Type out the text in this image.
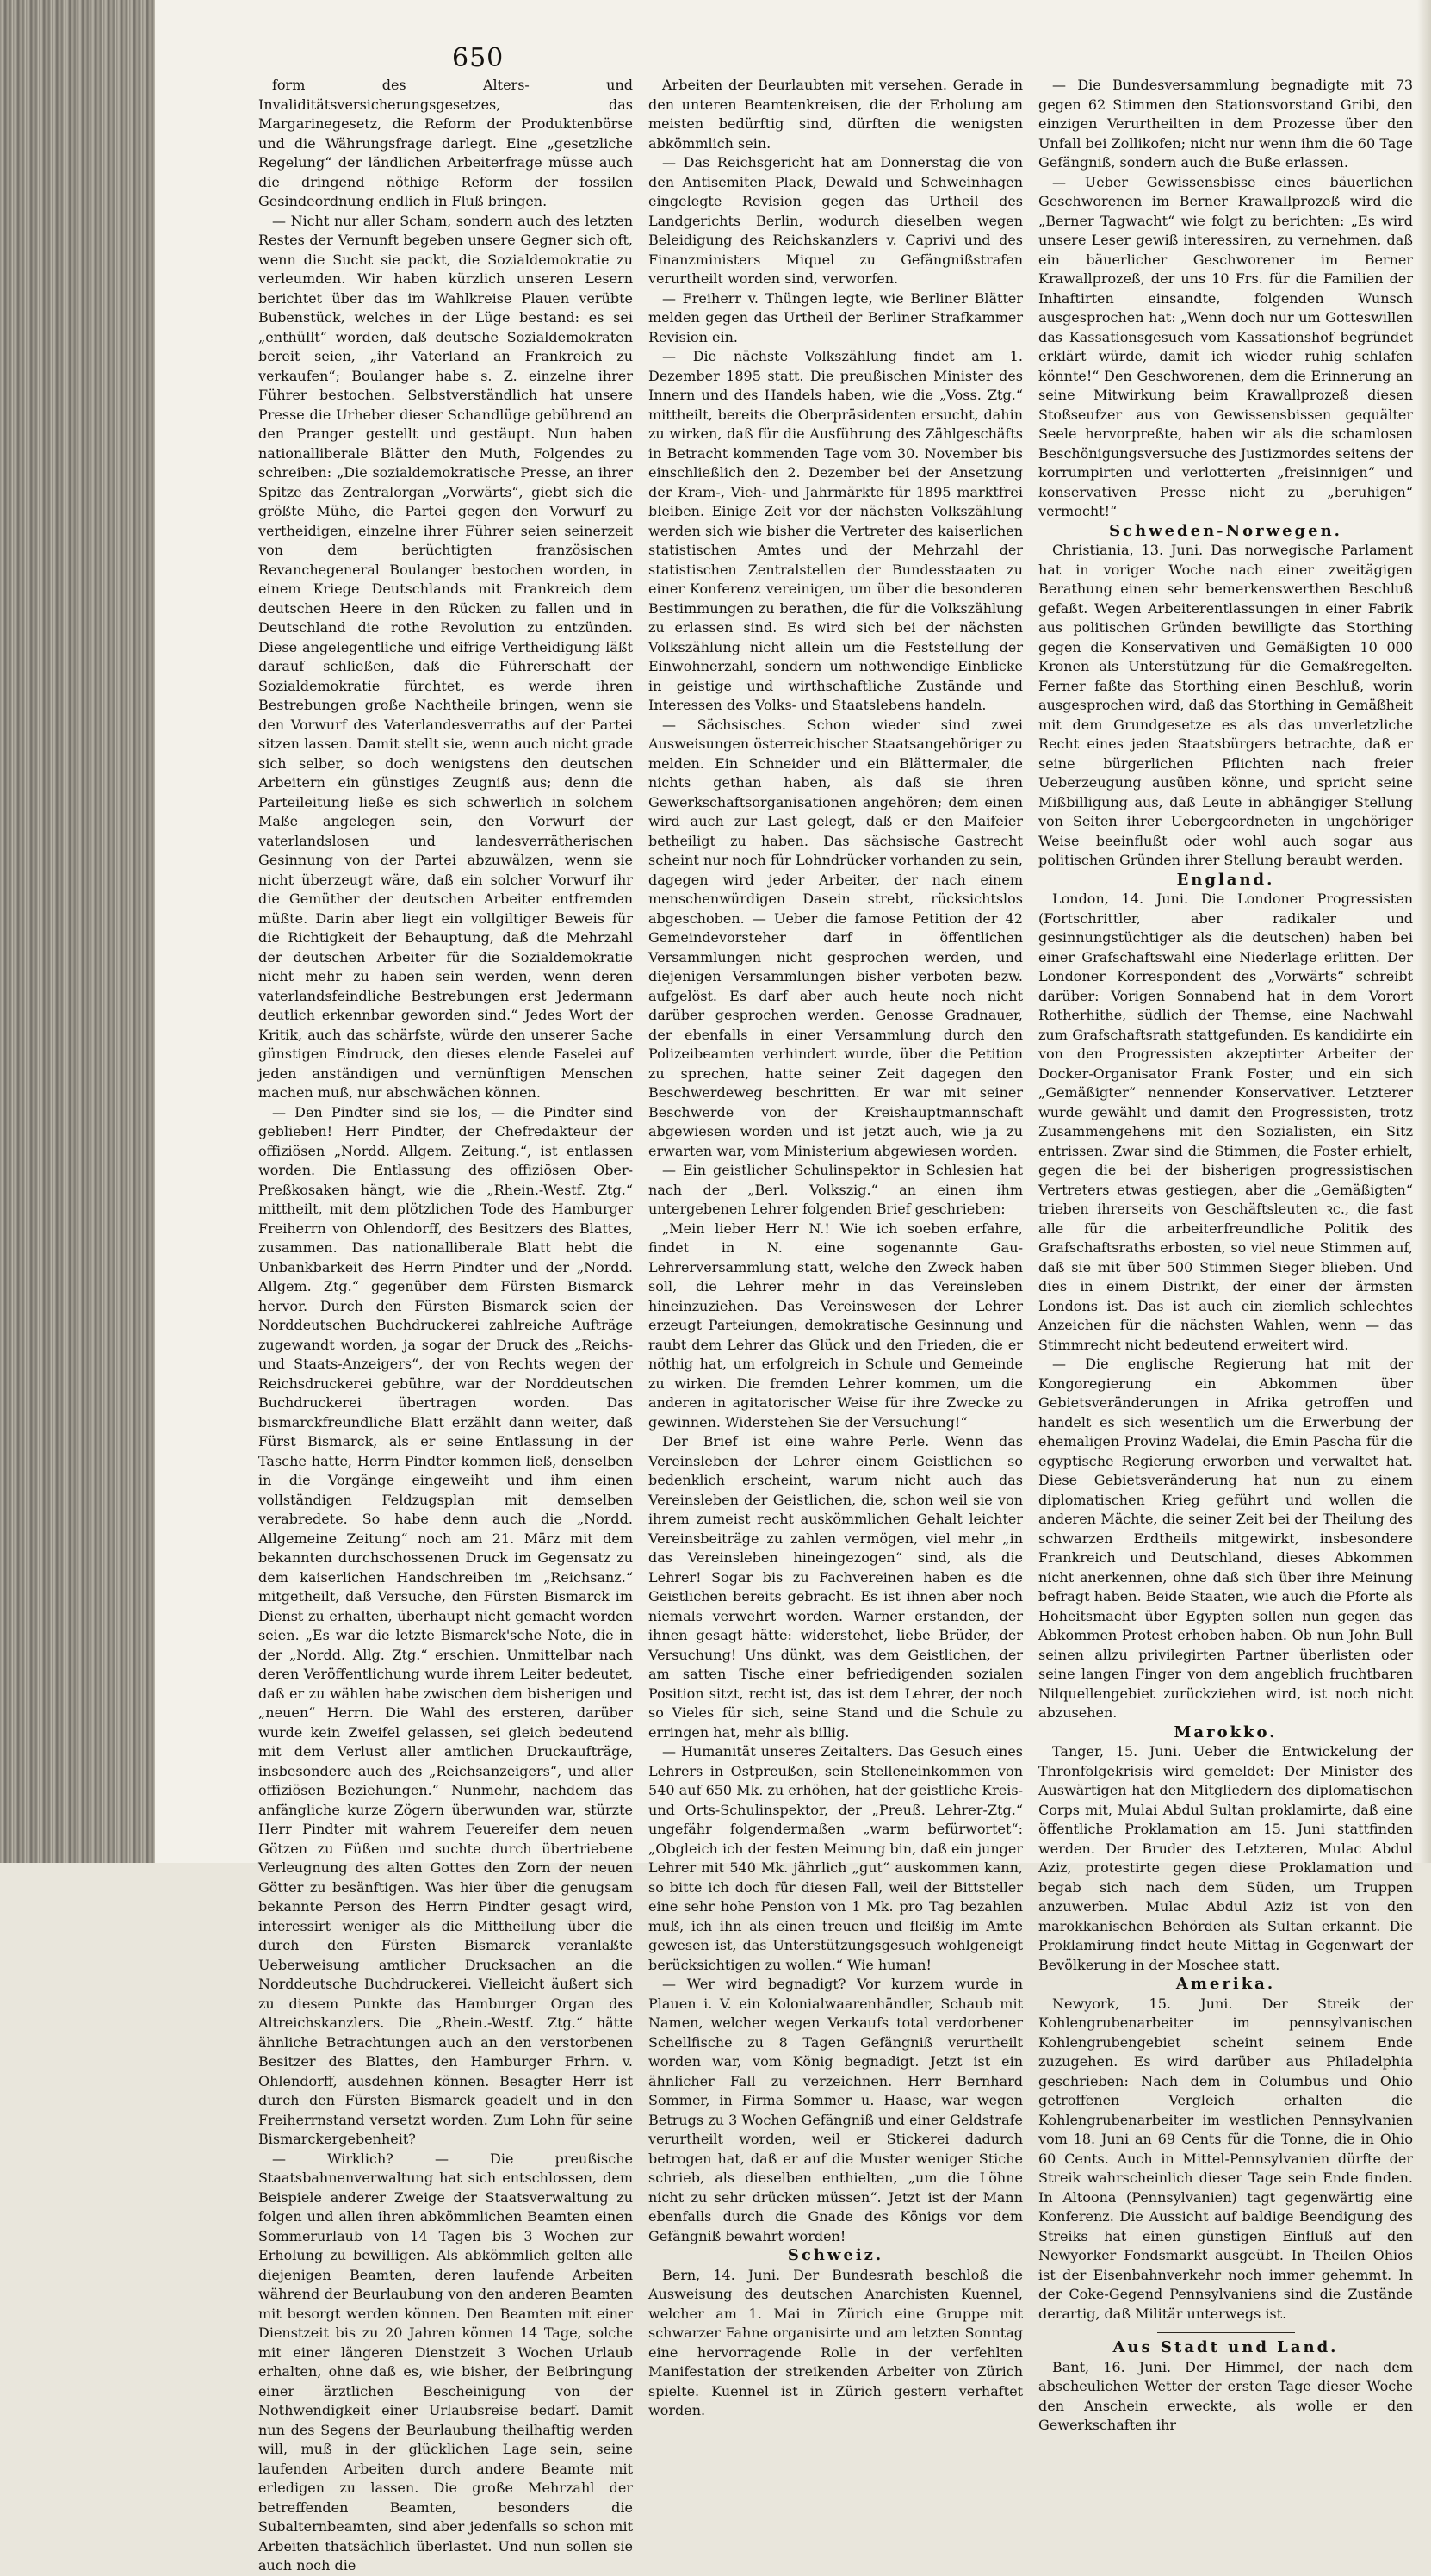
650

form des Alters- und Invaliditätsversicherungsgesetzes, das Margarinegesetz, die Reform der Produktenbörse und die Währungsfrage darlegt. Eine „gesetzliche Regelung“ der ländlichen Arbeiterfrage müsse auch die dringend nöthige Reform der fossilen Gesindeordnung endlich in Fluß bringen.

— Nicht nur aller Scham, sondern auch des letzten Restes der Vernunft begeben unsere Gegner sich oft, wenn die Sucht sie packt, die Sozialdemokratie zu verleumden. Wir haben kürzlich unseren Lesern berichtet über das im Wahlkreise Plauen verübte Bubenstück, welches in der Lüge bestand: es sei „enthüllt“ worden, daß deutsche Sozialdemokraten bereit seien, „ihr Vaterland an Frankreich zu verkaufen“; Boulanger habe s. Z. einzelne ihrer Führer bestochen. Selbstverständlich hat unsere Presse die Urheber dieser Schandlüge gebührend an den Pranger gestellt und gestäupt. Nun haben nationalliberale Blätter den Muth, Folgendes zu schreiben: „Die sozialdemokratische Presse, an ihrer Spitze das Zentralorgan „Vorwärts“, giebt sich die größte Mühe, die Partei gegen den Vorwurf zu vertheidigen, einzelne ihrer Führer seien seinerzeit von dem berüchtigten französischen Revanchegeneral Boulanger bestochen worden, in einem Kriege Deutschlands mit Frankreich dem deutschen Heere in den Rücken zu fallen und in Deutschland die rothe Revolution zu entzünden. Diese angelegentliche und eifrige Vertheidigung läßt darauf schließen, daß die Führerschaft der Sozialdemokratie fürchtet, es werde ihren Bestrebungen große Nachtheile bringen, wenn sie den Vorwurf des Vaterlandesverraths auf der Partei sitzen lassen. Damit stellt sie, wenn auch nicht grade sich selber, so doch wenigstens den deutschen Arbeitern ein günstiges Zeugniß aus; denn die Parteileitung ließe es sich schwerlich in solchem Maße angelegen sein, den Vorwurf der vaterlandslosen und landesverrätherischen Gesinnung von der Partei abzuwälzen, wenn sie nicht überzeugt wäre, daß ein solcher Vorwurf ihr die Gemüther der deutschen Arbeiter entfremden müßte. Darin aber liegt ein vollgiltiger Beweis für die Richtigkeit der Behauptung, daß die Mehrzahl der deutschen Arbeiter für die Sozialdemokratie nicht mehr zu haben sein werden, wenn deren vaterlandsfeindliche Bestrebungen erst Jedermann deutlich erkennbar geworden sind.“ Jedes Wort der Kritik, auch das schärfste, würde den unserer Sache günstigen Eindruck, den dieses elende Faselei auf jeden anständigen und vernünftigen Menschen machen muß, nur abschwächen können.

— Den Pindter sind sie los, — die Pindter sind geblieben! Herr Pindter, der Chefredakteur der offiziösen „Nordd. Allgem. Zeitung.“, ist entlassen worden. Die Entlassung des offiziösen Ober-Preßkosaken hängt, wie die „Rhein.-Westf. Ztg.“ mittheilt, mit dem plötzlichen Tode des Hamburger Freiherrn von Ohlendorff, des Besitzers des Blattes, zusammen. Das nationalliberale Blatt hebt die Unbankbarkeit des Herrn Pindter und der „Nordd. Allgem. Ztg.“ gegenüber dem Fürsten Bismarck hervor. Durch den Fürsten Bismarck seien der Norddeutschen Buchdruckerei zahlreiche Aufträge zugewandt worden, ja sogar der Druck des „Reichs- und Staats-Anzeigers“, der von Rechts wegen der Reichsdruckerei gebühre, war der Norddeutschen Buchdruckerei übertragen worden. Das bismarckfreundliche Blatt erzählt dann weiter, daß Fürst Bismarck, als er seine Entlassung in der Tasche hatte, Herrn Pindter kommen ließ, denselben in die Vorgänge eingeweiht und ihm einen vollständigen Feldzugsplan mit demselben verabredete. So habe denn auch die „Nordd. Allgemeine Zeitung“ noch am 21. März mit dem bekannten durchschossenen Druck im Gegensatz zu dem kaiserlichen Handschreiben im „Reichsanz.“ mitgetheilt, daß Versuche, den Fürsten Bismarck im Dienst zu erhalten, überhaupt nicht gemacht worden seien. „Es war die letzte Bismarck'sche Note, die in der „Nordd. Allg. Ztg.“ erschien. Unmittelbar nach deren Veröffentlichung wurde ihrem Leiter bedeutet, daß er zu wählen habe zwischen dem bisherigen und „neuen“ Herrn. Die Wahl des ersteren, darüber wurde kein Zweifel gelassen, sei gleich bedeutend mit dem Verlust aller amtlichen Druckaufträge, insbesondere auch des „Reichsanzeigers“, und aller offiziösen Beziehungen.“ Nunmehr, nachdem das anfängliche kurze Zögern überwunden war, stürzte Herr Pindter mit wahrem Feuereifer dem neuen Götzen zu Füßen und suchte durch übertriebene Verleugnung des alten Gottes den Zorn der neuen Götter zu besänftigen. Was hier über die genugsam bekannte Person des Herrn Pindter gesagt wird, interessirt weniger als die Mittheilung über die durch den Fürsten Bismarck veranlaßte Ueberweisung amtlicher Drucksachen an die Norddeutsche Buchdruckerei. Vielleicht äußert sich zu diesem Punkte das Hamburger Organ des Altreichskanzlers. Die „Rhein.-Westf. Ztg.“ hätte ähnliche Betrachtungen auch an den verstorbenen Besitzer des Blattes, den Hamburger Frhrn. v. Ohlendorff, ausdehnen können. Besagter Herr ist durch den Fürsten Bismarck geadelt und in den Freiherrnstand versetzt worden. Zum Lohn für seine Bismarckergebenheit?

— Wirklich? — Die preußische Staatsbahnenverwaltung hat sich entschlossen, dem Beispiele anderer Zweige der Staatsverwaltung zu folgen und allen ihren abkömmlichen Beamten einen Sommerurlaub von 14 Tagen bis 3 Wochen zur Erholung zu bewilligen. Als abkömmlich gelten alle diejenigen Beamten, deren laufende Arbeiten während der Beurlaubung von den anderen Beamten mit besorgt werden können. Den Beamten mit einer Dienstzeit bis zu 20 Jahren können 14 Tage, solche mit einer längeren Dienstzeit 3 Wochen Urlaub erhalten, ohne daß es, wie bisher, der Beibringung einer ärztlichen Bescheinigung von der Nothwendigkeit einer Urlaubsreise bedarf. Damit nun des Segens der Beurlaubung theilhaftig werden will, muß in der glücklichen Lage sein, seine laufenden Arbeiten durch andere Beamte mit erledigen zu lassen. Die große Mehrzahl der betreffenden Beamten, besonders die Subalternbeamten, sind aber jedenfalls so schon mit Arbeiten thatsächlich überlastet. Und nun sollen sie auch noch die

Arbeiten der Beurlaubten mit versehen. Gerade in den unteren Beamtenkreisen, die der Erholung am meisten bedürftig sind, dürften die wenigsten abkömmlich sein.

— Das Reichsgericht hat am Donnerstag die von den Antisemiten Plack, Dewald und Schweinhagen eingelegte Revision gegen das Urtheil des Landgerichts Berlin, wodurch dieselben wegen Beleidigung des Reichskanzlers v. Caprivi und des Finanzministers Miquel zu Gefängnißstrafen verurtheilt worden sind, verworfen.

— Freiherr v. Thüngen legte, wie Berliner Blätter melden gegen das Urtheil der Berliner Strafkammer Revision ein.

— Die nächste Volkszählung findet am 1. Dezember 1895 statt. Die preußischen Minister des Innern und des Handels haben, wie die „Voss. Ztg.“ mittheilt, bereits die Oberpräsidenten ersucht, dahin zu wirken, daß für die Ausführung des Zählgeschäfts in Betracht kommenden Tage vom 30. November bis einschließlich den 2. Dezember bei der Ansetzung der Kram-, Vieh- und Jahrmärkte für 1895 marktfrei bleiben. Einige Zeit vor der nächsten Volkszählung werden sich wie bisher die Vertreter des kaiserlichen statistischen Amtes und der Mehrzahl der statistischen Zentralstellen der Bundesstaaten zu einer Konferenz vereinigen, um über die besonderen Bestimmungen zu berathen, die für die Volkszählung zu erlassen sind. Es wird sich bei der nächsten Volkszählung nicht allein um die Feststellung der Einwohnerzahl, sondern um nothwendige Einblicke in geistige und wirthschaftliche Zustände und Interessen des Volks- und Staatslebens handeln.

— Sächsisches. Schon wieder sind zwei Ausweisungen österreichischer Staatsangehöriger zu melden. Ein Schneider und ein Blättermaler, die nichts gethan haben, als daß sie ihren Gewerkschaftsorganisationen angehören; dem einen wird auch zur Last gelegt, daß er den Maifeier betheiligt zu haben. Das sächsische Gastrecht scheint nur noch für Lohndrücker vorhanden zu sein, dagegen wird jeder Arbeiter, der nach einem menschenwürdigen Dasein strebt, rücksichtslos abgeschoben. — Ueber die famose Petition der 42 Gemeindevorsteher darf in öffentlichen Versammlungen nicht gesprochen werden, und diejenigen Versammlungen bisher verboten bezw. aufgelöst. Es darf aber auch heute noch nicht darüber gesprochen werden. Genosse Gradnauer, der ebenfalls in einer Versammlung durch den Polizeibeamten verhindert wurde, über die Petition zu sprechen, hatte seiner Zeit dagegen den Beschwerdeweg beschritten. Er war mit seiner Beschwerde von der Kreishauptmannschaft abgewiesen worden und ist jetzt auch, wie ja zu erwarten war, vom Ministerium abgewiesen worden.

— Ein geistlicher Schulinspektor in Schlesien hat nach der „Berl. Volkszig.“ an einen ihm untergebenen Lehrer folgenden Brief geschrieben:

„Mein lieber Herr N.! Wie ich soeben erfahre, findet in N. eine sogenannte Gau-Lehrerversammlung statt, welche den Zweck haben soll, die Lehrer mehr in das Vereinsleben hineinzuziehen. Das Vereinswesen der Lehrer erzeugt Parteiungen, demokratische Gesinnung und raubt dem Lehrer das Glück und den Frieden, die er nöthig hat, um erfolgreich in Schule und Gemeinde zu wirken. Die fremden Lehrer kommen, um die anderen in agitatorischer Weise für ihre Zwecke zu gewinnen. Widerstehen Sie der Versuchung!“

Der Brief ist eine wahre Perle. Wenn das Vereinsleben der Lehrer einem Geistlichen so bedenklich erscheint, warum nicht auch das Vereinsleben der Geistlichen, die, schon weil sie von ihrem zumeist recht auskömmlichen Gehalt leichter Vereinsbeiträge zu zahlen vermögen, viel mehr „in das Vereinsleben hineingezogen“ sind, als die Lehrer! Sogar bis zu Fachvereinen haben es die Geistlichen bereits gebracht. Es ist ihnen aber noch niemals verwehrt worden. Warner erstanden, der ihnen gesagt hätte: widerstehet, liebe Brüder, der Versuchung! Uns dünkt, was dem Geistlichen, der am satten Tische einer befriedigenden sozialen Position sitzt, recht ist, das ist dem Lehrer, der noch so Vieles für sich, seine Stand und die Schule zu erringen hat, mehr als billig.

— Humanität unseres Zeitalters. Das Gesuch eines Lehrers in Ostpreußen, sein Stelleneinkommen von 540 auf 650 Mk. zu erhöhen, hat der geistliche Kreis- und Orts-Schulinspektor, der „Preuß. Lehrer-Ztg.“ ungefähr folgendermaßen „warm befürwortet“: „Obgleich ich der festen Meinung bin, daß ein junger Lehrer mit 540 Mk. jährlich „gut“ auskommen kann, so bitte ich doch für diesen Fall, weil der Bittsteller eine sehr hohe Pension von 1 Mk. pro Tag bezahlen muß, ich ihn als einen treuen und fleißig im Amte gewesen ist, das Unterstützungsgesuch wohlgeneigt berücksichtigen zu wollen.“ Wie human!

— Wer wird begnadigt? Vor kurzem wurde in Plauen i. V. ein Kolonialwaarenhändler, Schaub mit Namen, welcher wegen Verkaufs total verdorbener Schellfische zu 8 Tagen Gefängniß verurtheilt worden war, vom König begnadigt. Jetzt ist ein ähnlicher Fall zu verzeichnen. Herr Bernhard Sommer, in Firma Sommer u. Haase, war wegen Betrugs zu 3 Wochen Gefängniß und einer Geldstrafe verurtheilt worden, weil er Stickerei dadurch betrogen hat, daß er auf die Muster weniger Stiche schrieb, als dieselben enthielten, „um die Löhne nicht zu sehr drücken müssen“. Jetzt ist der Mann ebenfalls durch die Gnade des Königs vor dem Gefängniß bewahrt worden!

Schweiz.

Bern, 14. Juni. Der Bundesrath beschloß die Ausweisung des deutschen Anarchisten Kuennel, welcher am 1. Mai in Zürich eine Gruppe mit schwarzer Fahne organisirte und am letzten Sonntag eine hervorragende Rolle in der verfehlten Manifestation der streikenden Arbeiter von Zürich spielte. Kuennel ist in Zürich gestern verhaftet worden.

— Die Bundesversammlung begnadigte mit 73 gegen 62 Stimmen den Stationsvorstand Gribi, den einzigen Verurtheilten in dem Prozesse über den Unfall bei Zollikofen; nicht nur wenn ihm die 60 Tage Gefängniß, sondern auch die Buße erlassen.

— Ueber Gewissensbisse eines bäuerlichen Geschworenen im Berner Krawallprozeß wird die „Berner Tagwacht“ wie folgt zu berichten: „Es wird unsere Leser gewiß interessiren, zu vernehmen, daß ein bäuerlicher Geschworener im Berner Krawallprozeß, der uns 10 Frs. für die Familien der Inhaftirten einsandte, folgenden Wunsch ausgesprochen hat: „Wenn doch nur um Gotteswillen das Kassationsgesuch vom Kassationshof begründet erklärt würde, damit ich wieder ruhig schlafen könnte!“ Den Geschworenen, dem die Erinnerung an seine Mitwirkung beim Krawallprozeß diesen Stoßseufzer aus von Gewissensbissen gequälter Seele hervorpreßte, haben wir als die schamlosen Beschönigungsversuche des Justizmordes seitens der korrumpirten und verlotterten „freisinnigen“ und konservativen Presse nicht zu „beruhigen“ vermocht!“

Schweden-Norwegen.

Christiania, 13. Juni. Das norwegische Parlament hat in voriger Woche nach einer zweitägigen Berathung einen sehr bemerkenswerthen Beschluß gefaßt. Wegen Arbeiterentlassungen in einer Fabrik aus politischen Gründen bewilligte das Storthing gegen die Konservativen und Gemäßigten 10 000 Kronen als Unterstützung für die Gemaßregelten. Ferner faßte das Storthing einen Beschluß, worin ausgesprochen wird, daß das Storthing in Gemäßheit mit dem Grundgesetze es als das unverletzliche Recht eines jeden Staatsbürgers betrachte, daß er seine bürgerlichen Pflichten nach freier Ueberzeugung ausüben könne, und spricht seine Mißbilligung aus, daß Leute in abhängiger Stellung von Seiten ihrer Uebergeordneten in ungehöriger Weise beeinflußt oder wohl auch sogar aus politischen Gründen ihrer Stellung beraubt werden.

England.

London, 14. Juni. Die Londoner Progressisten (Fortschrittler, aber radikaler und gesinnungstüchtiger als die deutschen) haben bei einer Grafschaftswahl eine Niederlage erlitten. Der Londoner Korrespondent des „Vorwärts“ schreibt darüber: Vorigen Sonnabend hat in dem Vorort Rotherhithe, südlich der Themse, eine Nachwahl zum Grafschaftsrath stattgefunden. Es kandidirte ein von den Progressisten akzeptirter Arbeiter der Docker-Organisator Frank Foster, und ein sich „Gemäßigter“ nennender Konservativer. Letzterer wurde gewählt und damit den Progressisten, trotz Zusammengehens mit den Sozialisten, ein Sitz entrissen. Zwar sind die Stimmen, die Foster erhielt, gegen die bei der bisherigen progressistischen Vertreters etwas gestiegen, aber die „Gemäßigten“ trieben ihrerseits von Geschäftsleuten ꝛc., die fast alle für die arbeiterfreundliche Politik des Grafschaftsraths erbosten, so viel neue Stimmen auf, daß sie mit über 500 Stimmen Sieger blieben. Und dies in einem Distrikt, der einer der ärmsten Londons ist. Das ist auch ein ziemlich schlechtes Anzeichen für die nächsten Wahlen, wenn — das Stimmrecht nicht bedeutend erweitert wird.

— Die englische Regierung hat mit der Kongoregierung ein Abkommen über Gebietsveränderungen in Afrika getroffen und handelt es sich wesentlich um die Erwerbung der ehemaligen Provinz Wadelai, die Emin Pascha für die egyptische Regierung erworben und verwaltet hat. Diese Gebietsveränderung hat nun zu einem diplomatischen Krieg geführt und wollen die anderen Mächte, die seiner Zeit bei der Theilung des schwarzen Erdtheils mitgewirkt, insbesondere Frankreich und Deutschland, dieses Abkommen nicht anerkennen, ohne daß sich über ihre Meinung befragt haben. Beide Staaten, wie auch die Pforte als Hoheitsmacht über Egypten sollen nun gegen das Abkommen Protest erhoben haben. Ob nun John Bull seinen allzu privilegirten Partner überlisten oder seine langen Finger von dem angeblich fruchtbaren Nilquellengebiet zurückziehen wird, ist noch nicht abzusehen.

Marokko.

Tanger, 15. Juni. Ueber die Entwickelung der Thronfolgekrisis wird gemeldet: Der Minister des Auswärtigen hat den Mitgliedern des diplomatischen Corps mit, Mulai Abdul Sultan proklamirte, daß eine öffentliche Proklamation am 15. Juni stattfinden werden. Der Bruder des Letzteren, Mulac Abdul Aziz, protestirte gegen diese Proklamation und begab sich nach dem Süden, um Truppen anzuwerben. Mulac Abdul Aziz ist von den marokkanischen Behörden als Sultan erkannt. Die Proklamirung findet heute Mittag in Gegenwart der Bevölkerung in der Moschee statt.

Amerika.

Newyork, 15. Juni. Der Streik der Kohlengrubenarbeiter im pennsylvanischen Kohlengrubengebiet scheint seinem Ende zuzugehen. Es wird darüber aus Philadelphia geschrieben: Nach dem in Columbus und Ohio getroffenen Vergleich erhalten die Kohlengrubenarbeiter im westlichen Pennsylvanien vom 18. Juni an 69 Cents für die Tonne, die in Ohio 60 Cents. Auch in Mittel-Pennsylvanien dürfte der Streik wahrscheinlich dieser Tage sein Ende finden. In Altoona (Pennsylvanien) tagt gegenwärtig eine Konferenz. Die Aussicht auf baldige Beendigung des Streiks hat einen günstigen Einfluß auf den Newyorker Fondsmarkt ausgeübt. In Theilen Ohios ist der Eisenbahnverkehr noch immer gehemmt. In der Coke-Gegend Pennsylvaniens sind die Zustände derartig, daß Militär unterwegs ist.

Aus Stadt und Land.

Bant, 16. Juni. Der Himmel, der nach dem abscheulichen Wetter der ersten Tage dieser Woche den Anschein erweckte, als wolle er den Gewerkschaften ihr
